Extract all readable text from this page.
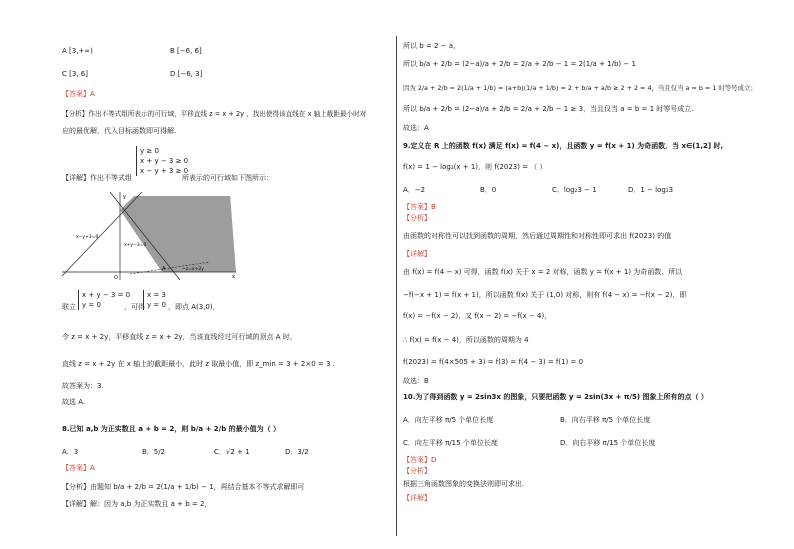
A [3,+∞)	B [−6, 6]
C [3, 6]	D [−6, 3]
【答案】A
【分析】作出不等式组所表示的可行域，平移直线 z = x + 2y ，找出使得该直线在 x 轴上截距最小时对
应的最优解，代入目标函数即可得解.
【详解】作出不等式组
y ≥ 0
x + y − 3 ≥ 0
x − y + 3 ≥ 0
所表示的可行域如下图所示：
x−y+3=0
x+y−3=0
−z=x+2y
y
x
O
A
联立
x + y − 3 = 0
y = 0	，可得
x = 3
y = 0 ，即点 A(3,0)，
令 z = x + 2y，平移直线 z = x + 2y，当该直线经过可行域的顶点 A 时，
直线 z = x + 2y 在 x 轴上的截距最小，此时 z 取最小值，即 z_min = 3 + 2×0 = 3 .
故答案为：3.
故选 A.
8.已知 a,b 为正实数且 a + b = 2，则 b/a + 2/b 的最小值为（ ）
A．3	B．5/2	C．√2 + 1	D．3/2
【答案】A
【分析】由题知 b/a + 2/b = 2(1/a + 1/b) − 1，再结合基本不等式求解即可
【详解】解：因为 a,b 为正实数且 a + b = 2，
所以 b = 2 − a，
所以 b/a + 2/b = (2−a)/a + 2/b = 2/a + 2/b − 1 = 2(1/a + 1/b) − 1
因为 2/a + 2/b = 2(1/a + 1/b) = (a+b)(1/a + 1/b) = 2 + b/a + a/b ≥ 2 + 2 = 4，当且仅当 a = b = 1 时等号成立；
所以 b/a + 2/b = (2−a)/a + 2/b = 2/a + 2/b − 1 ≥ 3，当且仅当 a = b = 1 时等号成立.
故选：A
9.定义在 R 上的函数 f(x) 满足 f(x) = f(4 − x)，且函数 y = f(x + 1) 为奇函数．当 x∈(1,2] 时,
f(x) = 1 − log₂(x + 1)，则 f(2023) = （ ）
A．−2	B．0	C．log₂3 − 1	D．1 − log₂3
【答案】B
【分析】
由函数的对称性可以找到函数的周期，然后通过周期性和对称性即可求出 f(2023) 的值
【详解】
由 f(x) = f(4 − x) 可得，函数 f(x) 关于 x = 2 对称，函数 y = f(x + 1) 为奇函数，所以
−f(−x + 1) = f(x + 1)，所以函数 f(x) 关于 (1,0) 对称，则有 f(4 − x) = −f(x − 2)，即
f(x) = −f(x − 2)，又 f(x − 2) = −f(x − 4)，
∴ f(x) = f(x − 4)，所以函数的周期为 4
f(2023) = f(4×505 + 3) = f(3) = f(4 − 3) = f(1) = 0
故选：B
10.为了得到函数 y = 2sin3x 的图象，只要把函数 y = 2sin(3x + π/5) 图象上所有的点（ ）
A．向左平移 π/5 个单位长度	B．向右平移 π/5 个单位长度
C．向左平移 π/15 个单位长度	D．向右平移 π/15 个单位长度
【答案】D
【分析】
根据三角函数图象的变换法则即可求出.
【详解】
